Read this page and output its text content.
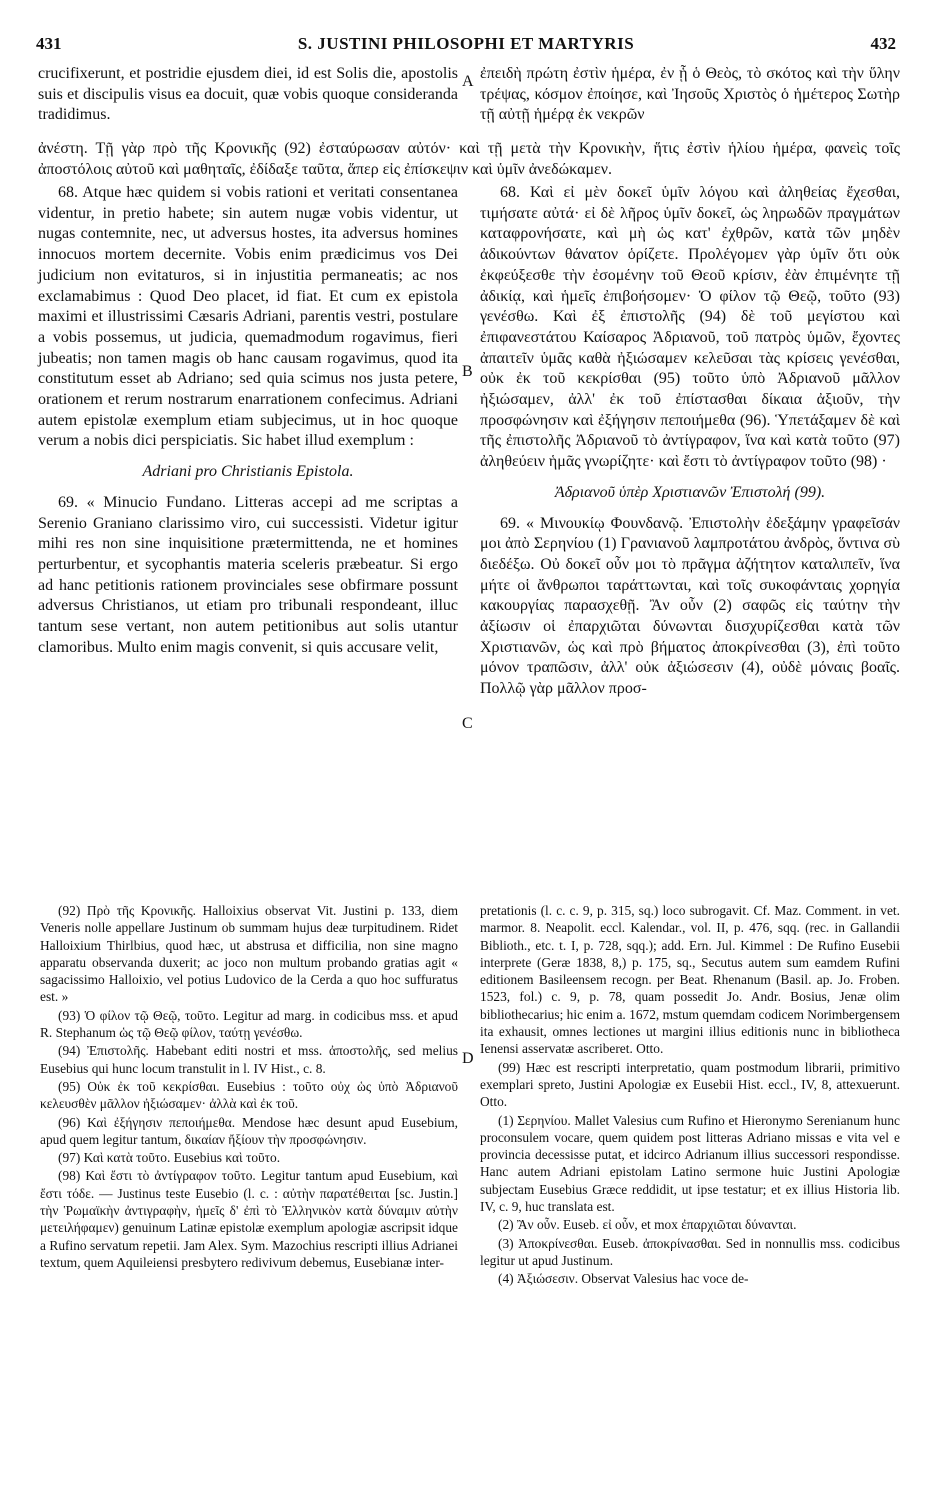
431	S. JUSTINI PHILOSOPHI ET MARTYRIS	432

crucifixerunt, et postridie ejusdem diei, id est Solis die, apostolis suis et discipulis visus ea docuit, quæ vobis quoque consideranda tradidimus.

ἐπειδὴ πρώτη ἐστὶν ἡμέρα, ἐν ᾗ ὁ Θεὸς, τὸ σκότος καὶ τὴν ὕλην τρέψας, κόσμον ἐποίησε, καὶ Ἰησοῦς Χριστὸς ὁ ἡμέτερος Σωτὴρ τῇ αὐτῇ ἡμέρᾳ ἐκ νεκρῶν

ἀνέστη. Τῇ γὰρ πρὸ τῆς Κρονικῆς (92) ἐσταύρωσαν αὐτόν· καὶ τῇ μετὰ τὴν Κρονικὴν, ἥτις ἐστὶν ἡλίου ἡμέρα, φανεὶς τοῖς ἀποστόλοις αὐτοῦ καὶ μαθηταῖς, ἐδίδαξε ταῦτα, ἅπερ εἰς ἐπίσκεψιν καὶ ὑμῖν ἀνεδώκαμεν.

68. Atque hæc quidem si vobis rationi et veritati consentanea videntur, in pretio habete; sin autem nugæ vobis videntur, ut nugas contemnite, nec, ut adversus hostes, ita adversus homines innocuos mortem decernite. Vobis enim prædicimus vos Dei judicium non evitaturos, si in injustitia permaneatis; ac nos exclamabimus : Quod Deo placet, id fiat. Et cum ex epistola maximi et illustrissimi Cæsaris Adriani, parentis vestri, postulare a vobis possemus, ut judicia, quemadmodum rogavimus, fieri jubeatis; non tamen magis ob hanc causam rogavimus, quod ita constitutum esset ab Adriano; sed quia scimus nos justa petere, orationem et rerum nostrarum enarrationem confecimus. Adriani autem epistolæ exemplum etiam subjecimus, ut in hoc quoque verum a nobis dici perspiciatis. Sic habet illud exemplum :

Adriani pro Christianis Epistola.

69. « Minucio Fundano. Litteras accepi ad me scriptas a Serenio Graniano clarissimo viro, cui successisti. Videtur igitur mihi res non sine inquisitione prætermittenda, ne et homines perturbentur, et sycophantis materia sceleris præbeatur. Si ergo ad hanc petitionis rationem provinciales sese obfirmare possunt adversus Christianos, ut etiam pro tribunali respondeant, illuc tantum sese vertant, non autem petitionibus aut solis utantur clamoribus. Multo enim magis convenit, si quis accusare velit,

68. Καὶ εἰ μὲν δοκεῖ ὑμῖν λόγου καὶ ἀληθείας ἔχεσθαι, τιμήσατε αὐτά· εἰ δὲ λῆρος ὑμῖν δοκεῖ, ὡς ληρωδῶν πραγμάτων καταφρονήσατε, καὶ μὴ ὡς κατ' ἐχθρῶν, κατὰ τῶν μηδὲν ἀδικούντων θάνατον ὁρίζετε. Προλέγομεν γὰρ ὑμῖν ὅτι οὐκ ἐκφεύξεσθε τὴν ἐσομένην τοῦ Θεοῦ κρίσιν, ἐὰν ἐπιμένητε τῇ ἀδικίᾳ, καὶ ἡμεῖς ἐπιβοήσομεν· Ὁ φίλον τῷ Θεῷ, τοῦτο (93) γενέσθω. Καὶ ἐξ ἐπιστολῆς (94) δὲ τοῦ μεγίστου καὶ ἐπιφανεστάτου Καίσαρος Ἀδριανοῦ, τοῦ πατρὸς ὑμῶν, ἔχοντες ἀπαιτεῖν ὑμᾶς καθὰ ἠξιώσαμεν κελεῦσαι τὰς κρίσεις γενέσθαι, οὐκ ἐκ τοῦ κεκρίσθαι (95) τοῦτο ὑπὸ Ἀδριανοῦ μᾶλλον ἠξιώσαμεν, ἀλλ' ἐκ τοῦ ἐπίστασθαι δίκαια ἀξιοῦν, τὴν προσφώνησιν καὶ ἐξήγησιν πεποιήμεθα (96). Ὑπετάξαμεν δὲ καὶ τῆς ἐπιστολῆς Ἀδριανοῦ τὸ ἀντίγραφον, ἵνα καὶ κατὰ τοῦτο (97) ἀληθεύειν ἡμᾶς γνωρίζητε· καὶ ἔστι τὸ ἀντίγραφον τοῦτο (98) ·

Ἀδριανοῦ ὑπὲρ Χριστιανῶν Ἐπιστολή (99).

69. « Μινουκίῳ Φουνδανῷ. Ἐπιστολὴν ἐδεξάμην γραφεῖσάν μοι ἀπὸ Σερηνίου (1) Γρανιανοῦ λαμπροτάτου ἀνδρὸς, ὅντινα σὺ διεδέξω. Οὐ δοκεῖ οὖν μοι τὸ πρᾶγμα ἀζήτητον καταλιπεῖν, ἵνα μήτε οἱ ἄνθρωποι ταράττωνται, καὶ τοῖς συκοφάνταις χορηγία κακουργίας παρασχεθῇ. Ἂν οὖν (2) σαφῶς εἰς ταύτην τὴν ἀξίωσιν οἱ ἐπαρχιῶται δύνωνται διισχυρίζεσθαι κατὰ τῶν Χριστιανῶν, ὡς καὶ πρὸ βήματος ἀποκρίνεσθαι (3), ἐπὶ τοῦτο μόνον τραπῶσιν, ἀλλ' οὐκ ἀξιώσεσιν (4), οὐδὲ μόναις βοαῖς. Πολλῷ γὰρ μᾶλλον προσ-

A
B
C
D

(92) Πρὸ τῆς Κρονικῆς. Halloixius observat Vit. Justini p. 133, diem Veneris nolle appellare Justinum ob summam hujus deæ turpitudinem. Ridet Halloixium Thirlbius, quod hæc, ut abstrusa et difficilia, non sine magno apparatu observanda duxerit; ac joco non multum probando gratias agit « sagacissimo Halloixio, vel potius Ludovico de la Cerda a quo hoc suffuratus est. »

(93) Ὁ φίλον τῷ Θεῷ, τοῦτο. Legitur ad marg. in codicibus mss. et apud R. Stephanum ὡς τῷ Θεῷ φίλον, ταύτῃ γενέσθω.

(94) Ἐπιστολῆς. Habebant editi nostri et mss. ἀποστολῆς, sed melius Eusebius qui hunc locum transtulit in l. IV Hist., c. 8.

(95) Οὐκ ἐκ τοῦ κεκρίσθαι. Eusebius : τοῦτο οὐχ ὡς ὑπὸ Ἀδριανοῦ κελευσθὲν μᾶλλον ἠξιώσαμεν· ἀλλὰ καὶ ἐκ τοῦ.

(96) Καὶ ἐξήγησιν πεποιήμεθα. Mendose hæc desunt apud Eusebium, apud quem legitur tantum, δικαίαν ἤξίουν τὴν προσφώνησιν.

(97) Καὶ κατὰ τοῦτο. Eusebius καὶ τοῦτο.

(98) Καὶ ἔστι τὸ ἀντίγραφον τοῦτο. Legitur tantum apud Eusebium, καὶ ἔστι τόδε. — Justinus teste Eusebio (l. c. : αὐτὴν παρατέθειται [sc. Justin.] τὴν Ῥωμαϊκὴν ἀντιγραφὴν, ἡμεῖς δ' ἐπὶ τὸ Ἑλληνικὸν κατὰ δύναμιν αὐτὴν μετειλήφαμεν) genuinum Latinæ epistolæ exemplum apologiæ ascripsit idque a Rufino servatum repetii. Jam Alex. Sym. Mazochius rescripti illius Adrianei textum, quem Aquileiensi presbytero redivivum debemus, Eusebianæ inter-

pretationis (l. c. c. 9, p. 315, sq.) loco subrogavit. Cf. Maz. Comment. in vet. marmor. 8. Neapolit. eccl. Kalendar., vol. II, p. 476, sqq. (rec. in Gallandii Biblioth., etc. t. I, p. 728, sqq.); add. Ern. Jul. Kimmel : De Rufino Eusebii interprete (Geræ 1838, 8,) p. 175, sq., Secutus autem sum eamdem Rufini editionem Basileensem recogn. per Beat. Rhenanum (Basil. ap. Jo. Froben. 1523, fol.) c. 9, p. 78, quam possedit Jo. Andr. Bosius, Jenæ olim bibliothecarius; hic enim a. 1672, mstum quemdam codicem Norimbergensem ita exhausit, omnes lectiones ut margini illius editionis nunc in bibliotheca Ienensi asservatæ ascriberet. Otto.

(99) Hæc est rescripti interpretatio, quam postmodum librarii, primitivo exemplari spreto, Justini Apologiæ ex Eusebii Hist. eccl., IV, 8, attexuerunt. Otto.

(1) Σερηνίου. Mallet Valesius cum Rufino et Hieronymo Serenianum hunc proconsulem vocare, quem quidem post litteras Adriano missas e vita vel e provincia decessisse putat, et idcirco Adrianum illius successori respondisse. Hanc autem Adriani epistolam Latino sermone huic Justini Apologiæ subjectam Eusebius Græce reddidit, ut ipse testatur; et ex illius Historia lib. IV, c. 9, huc translata est.

(2) Ἂν οὖν. Euseb. εἰ οὖν, et mox ἐπαρχιῶται δύνανται.

(3) Ἀποκρίνεσθαι. Euseb. ἀποκρίνασθαι. Sed in nonnullis mss. codicibus legitur ut apud Justinum.

(4) Ἀξιώσεσιν. Observat Valesius hac voce de-
